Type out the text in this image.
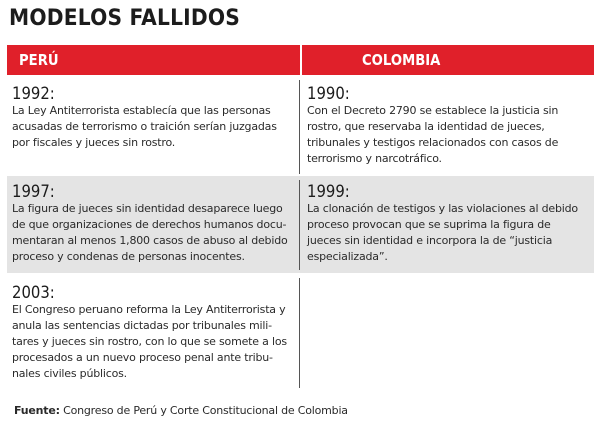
MODELOS FALLIDOS
PERÚ	COLOMBIA
1992:
La Ley Antiterrorista establecía que las personas
acusadas de terrorismo o traición serían juzgadas
por fiscales y jueces sin rostro.
1997:
La figura de jueces sin identidad desaparece luego
de que organizaciones de derechos humanos docu-
mentaran al menos 1,800 casos de abuso al debido
proceso y condenas de personas inocentes.
2003:
El Congreso peruano reforma la Ley Antiterrorista y
anula las sentencias dictadas por tribunales mili-
tares y jueces sin rostro, con lo que se somete a los
procesados a un nuevo proceso penal ante tribu-
nales civiles públicos.
1990:
Con el Decreto 2790 se establece la justicia sin
rostro, que reservaba la identidad de jueces,
tribunales y testigos relacionados con casos de
terrorismo y narcotráfico.
1999:
La clonación de testigos y las violaciones al debido
proceso provocan que se suprima la figura de
jueces sin identidad e incorpora la de “justicia
especializada”.
Fuente: Congreso de Perú y Corte Constitucional de Colombia
